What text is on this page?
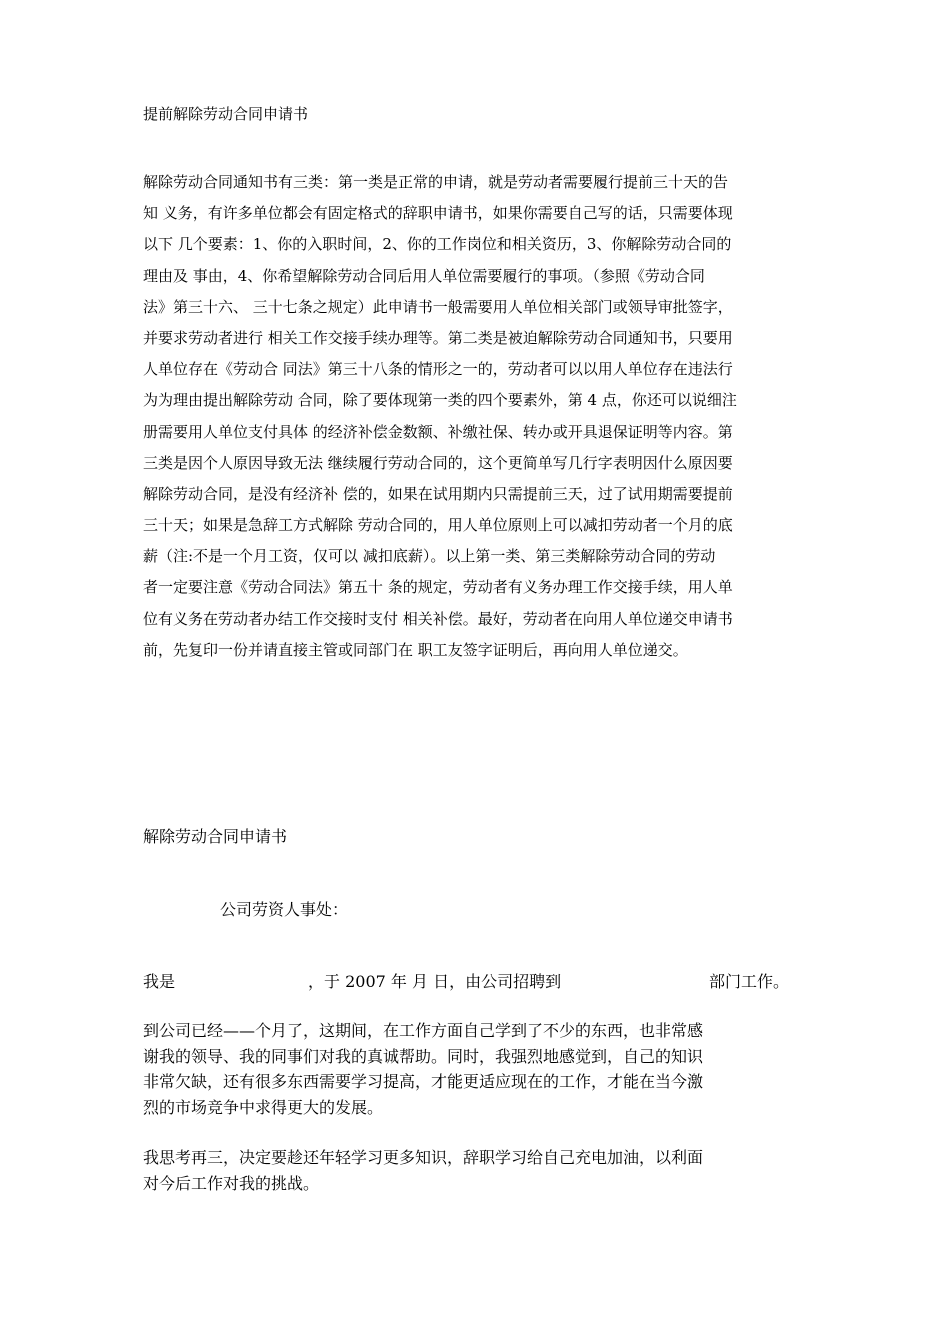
提前解除劳动合同申请书
解除劳动合同通知书有三类：第一类是正常的申请，就是劳动者需要履行提前三十天的告
知 义务，有许多单位都会有固定格式的辞职申请书，如果你需要自己写的话，只需要体现
以下 几个要素：1、你的入职时间，2、你的工作岗位和相关资历，3、你解除劳动合同的
理由及 事由，4、你希望解除劳动合同后用人单位需要履行的事项。（参照《劳动合同
法》第三十六、 三十七条之规定）此申请书一般需要用人单位相关部门或领导审批签字，
并要求劳动者进行 相关工作交接手续办理等。第二类是被迫解除劳动合同通知书，只要用
人单位存在《劳动合 同法》第三十八条的情形之一的，劳动者可以以用人单位存在违法行
为为理由提出解除劳动 合同，除了要体现第一类的四个要素外，第 4 点，你还可以说细注
册需要用人单位支付具体 的经济补偿金数额、补缴社保、转办或开具退保证明等内容。第
三类是因个人原因导致无法 继续履行劳动合同的，这个更简单写几行字表明因什么原因要
解除劳动合同，是没有经济补 偿的，如果在试用期内只需提前三天，过了试用期需要提前
三十天；如果是急辞工方式解除 劳动合同的，用人单位原则上可以减扣劳动者一个月的底
薪（注:不是一个月工资，仅可以 减扣底薪）。以上第一类、第三类解除劳动合同的劳动
者一定要注意《劳动合同法》第五十 条的规定，劳动者有义务办理工作交接手续，用人单
位有义务在劳动者办结工作交接时支付 相关补偿。最好，劳动者在向用人单位递交申请书
前，先复印一份并请直接主管或同部门在 职工友签字证明后，再向用人单位递交。
解除劳动合同申请书
公司劳资人事处：
我是	，于 2007 年 月 日，由公司招聘到	部门工作。
到公司已经——个月了，这期间，在工作方面自己学到了不少的东西，也非常感
谢我的领导、我的同事们对我的真诚帮助。同时，我强烈地感觉到，自己的知识
非常欠缺，还有很多东西需要学习提高，才能更适应现在的工作，才能在当今激
烈的市场竞争中求得更大的发展。
我思考再三，决定要趁还年轻学习更多知识，辞职学习给自己充电加油，以利面
对今后工作对我的挑战。
